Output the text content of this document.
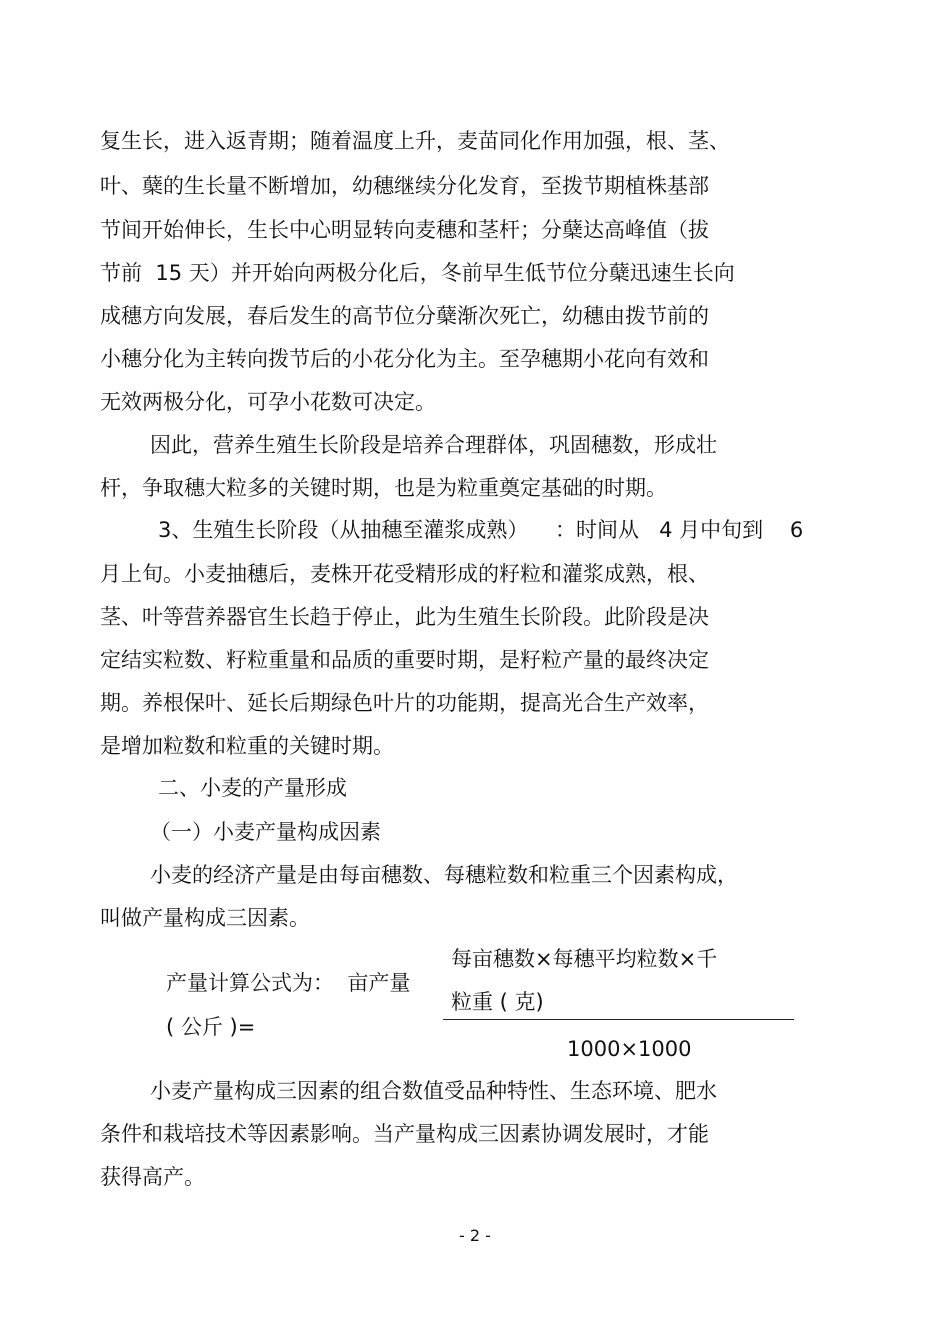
复生长，进入返青期；随着温度上升，麦苗同化作用加强，根、茎、
叶、蘖的生长量不断增加，幼穗继续分化发育，至拨节期植株基部
节间开始伸长，生长中心明显转向麦穗和茎杆；分蘖达高峰值（拔
节前  15 天）并开始向两极分化后，冬前早生低节位分蘖迅速生长向
成穗方向发展，春后发生的高节位分蘖渐次死亡，幼穗由拨节前的
小穗分化为主转向拨节后的小花分化为主。至孕穗期小花向有效和
无效两极分化，可孕小花数可决定。
因此，营养生殖生长阶段是培养合理群体，巩固穗数，形成壮
杆，争取穗大粒多的关键时期，也是为粒重奠定基础的时期。
3、生殖生长阶段（从抽穗至灌浆成熟）    ：时间从   4 月中旬到    6
月上旬。小麦抽穗后，麦株开花受精形成的籽粒和灌浆成熟，根、
茎、叶等营养器官生长趋于停止，此为生殖生长阶段。此阶段是决
定结实粒数、籽粒重量和品质的重要时期，是籽粒产量的最终决定
期。养根保叶、延长后期绿色叶片的功能期，提高光合生产效率，
是增加粒数和粒重的关键时期。
二、小麦的产量形成
（一）小麦产量构成因素
小麦的经济产量是由每亩穗数、每穗粒数和粒重三个因素构成，
叫做产量构成三因素。
产量计算公式为：  亩产量
( 公斤 )=
每亩穗数×每穗平均粒数×千
粒重 ( 克)
1000×1000
小麦产量构成三因素的组合数值受品种特性、生态环境、肥水
条件和栽培技术等因素影响。当产量构成三因素协调发展时，才能
获得高产。
- 2 -
